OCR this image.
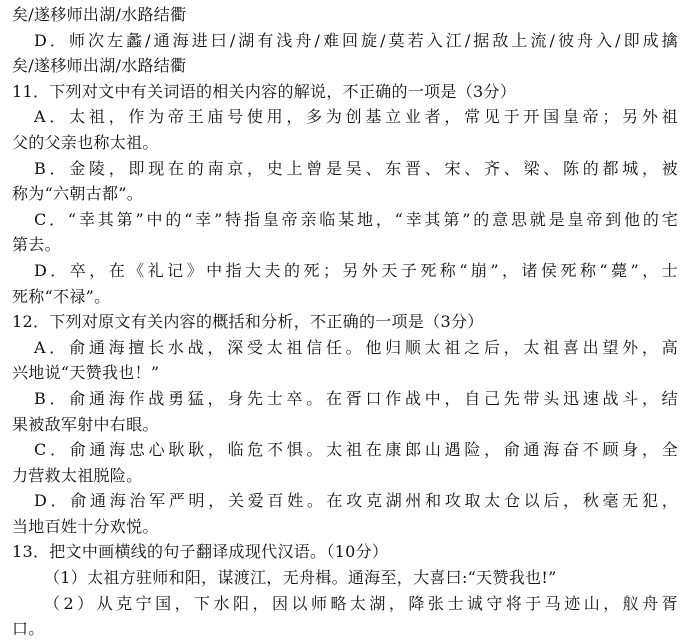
矣/遂移师出湖/水路结衢
D．师次左蠡/通海进曰/湖有浅舟/难回旋/莫若入江/据敌上流/彼舟入/即成擒
矣/遂移师出湖/水路结衢
11．下列对文中有关词语的相关内容的解说，不正确的一项是（3分）
A．太祖，作为帝王庙号使用，多为创基立业者，常见于开国皇帝；另外祖
父的父亲也称太祖。
B．金陵，即现在的南京，史上曾是吴、东晋、宋、齐、梁、陈的都城，被
称为“六朝古都”。
C．“幸其第”中的“幸”特指皇帝亲临某地，“幸其第”的意思就是皇帝到他的宅
第去。
D．卒，在《礼记》中指大夫的死；另外天子死称“崩”，诸侯死称“薨”，士
死称“不禄”。
12．下列对原文有关内容的概括和分析，不正确的一项是（3分）
A．俞通海擅长水战，深受太祖信任。他归顺太祖之后，太祖喜出望外，高
兴地说“天赞我也！”
B．俞通海作战勇猛，身先士卒。在胥口作战中，自己先带头迅速战斗，结
果被敌军射中右眼。
C．俞通海忠心耿耿，临危不惧。太祖在康郎山遇险，俞通海奋不顾身，全
力营救太祖脱险。
D．俞通海治军严明，关爱百姓。在攻克湖州和攻取太仓以后，秋毫无犯，
当地百姓十分欢悦。
13．把文中画横线的句子翻译成现代汉语。（10分）
（1）太祖方驻师和阳，谋渡江，无舟楫。通海至，大喜曰:“天赞我也!”
（2）从克宁国，下水阳，因以师略太湖，降张士诚守将于马迹山，舣舟胥
口。
